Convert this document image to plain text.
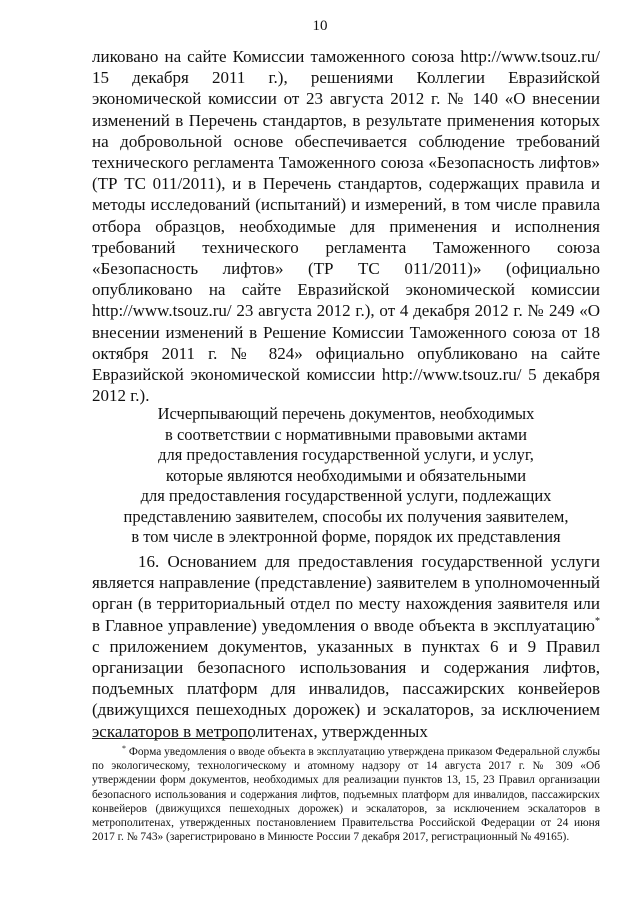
10
ликовано на сайте Комиссии таможенного союза http://www.tsouz.ru/ 15 декабря 2011 г.), решениями Коллегии Евразийской экономической комиссии от 23 августа 2012 г. № 140 «О внесении изменений в Перечень стандартов, в результате применения которых на добровольной основе обеспечивается соблюдение требований технического регламента Таможенного союза «Безопасность лифтов» (ТР ТС 011/2011), и в Перечень стандартов, содержащих правила и методы исследований (испытаний) и измерений, в том числе правила отбора образцов, необходимые для применения и исполнения требований технического регламента Таможенного союза «Безопасность лифтов» (ТР ТС 011/2011)» (официально опубликовано на сайте Евразийской экономической комиссии http://www.tsouz.ru/ 23 августа 2012 г.), от 4 декабря 2012 г. № 249 «О внесении изменений в Решение Комиссии Таможенного союза от 18 октября 2011 г. № 824» официально опубликовано на сайте Евразийской экономической комиссии http://www.tsouz.ru/ 5 декабря 2012 г.).
Исчерпывающий перечень документов, необходимых
в соответствии с нормативными правовыми актами
для предоставления государственной услуги, и услуг,
которые являются необходимыми и обязательными
для предоставления государственной услуги, подлежащих
представлению заявителем, способы их получения заявителем,
в том числе в электронной форме, порядок их представления
16. Основанием для предоставления государственной услуги является направление (представление) заявителем в уполномоченный орган (в территориальный отдел по месту нахождения заявителя или в Главное управление) уведомления о вводе объекта в эксплуатацию* с приложением документов, указанных в пунктах 6 и 9 Правил организации безопасного использования и содержания лифтов, подъемных платформ для инвалидов, пассажирских конвейеров (движущихся пешеходных дорожек) и эскалаторов, за исключением эскалаторов в метрополитенах, утвержденных
* Форма уведомления о вводе объекта в эксплуатацию утверждена приказом Федеральной службы по экологическому, технологическому и атомному надзору от 14 августа 2017 г. № 309 «Об утверждении форм документов, необходимых для реализации пунктов 13, 15, 23 Правил организации безопасного использования и содержания лифтов, подъемных платформ для инвалидов, пассажирских конвейеров (движущихся пешеходных дорожек) и эскалаторов, за исключением эскалаторов в метрополитенах, утвержденных постановлением Правительства Российской Федерации от 24 июня 2017 г. № 743» (зарегистрировано в Минюсте России 7 декабря 2017, регистрационный № 49165).
